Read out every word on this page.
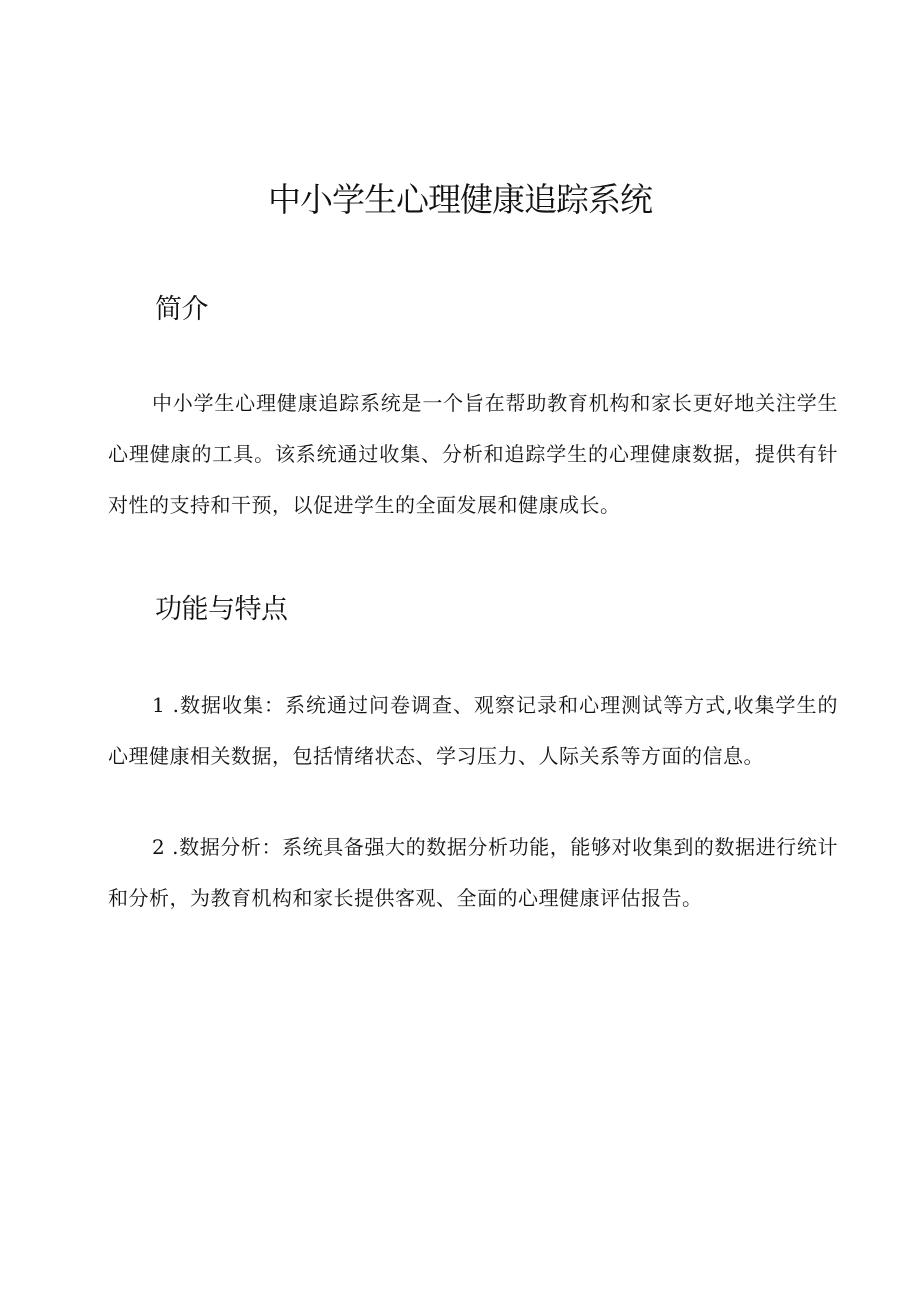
中小学生心理健康追踪系统
简介

中小学生心理健康追踪系统是一个旨在帮助教育机构和家长更好地关注学生心理健康的工具。该系统通过收集、分析和追踪学生的心理健康数据，提供有针对性的支持和干预，以促进学生的全面发展和健康成长。

功能与特点

1 .数据收集：系统通过问卷调查、观察记录和心理测试等方式,收集学生的心理健康相关数据，包括情绪状态、学习压力、人际关系等方面的信息。

2 .数据分析：系统具备强大的数据分析功能，能够对收集到的数据进行统计和分析，为教育机构和家长提供客观、全面的心理健康评估报告。
